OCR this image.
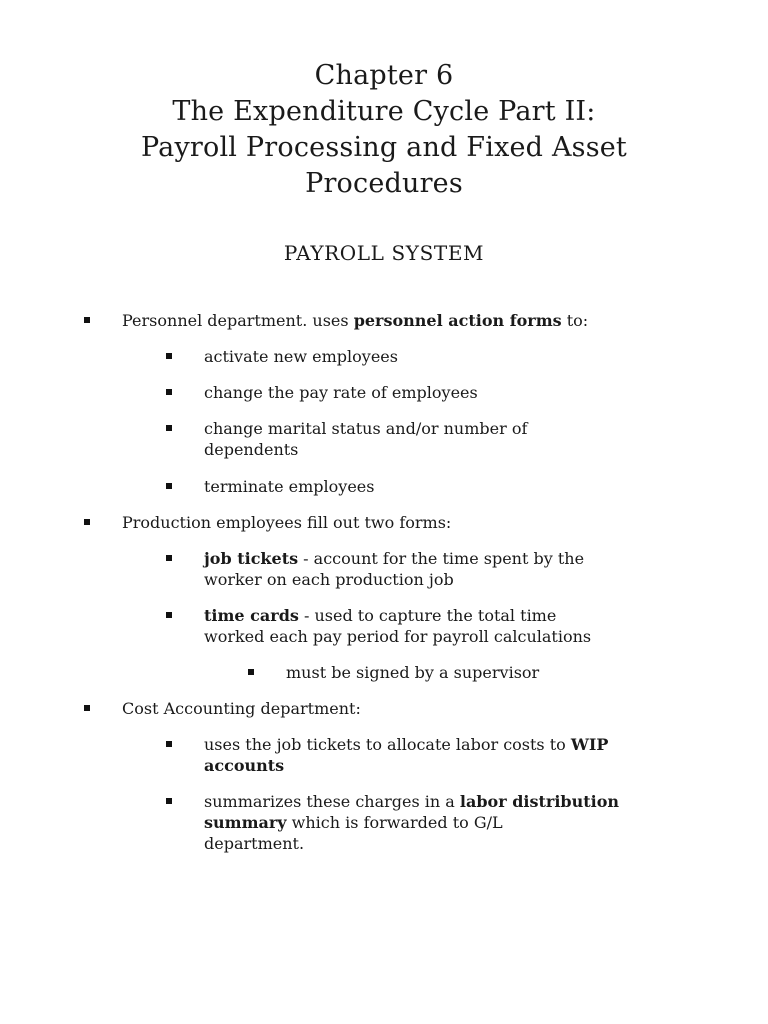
Chapter 6
The Expenditure Cycle Part II:
Payroll Processing and Fixed Asset
Procedures
PAYROLL SYSTEM
Personnel department. uses personnel action forms to:
activate new employees
change the pay rate of employees
change marital status and/or number of
dependents
terminate employees
Production employees fill out two forms:
job tickets - account for the time spent by the
worker on each production job
time cards - used to capture the total time
worked each pay period for payroll calculations
must be signed by a supervisor
Cost Accounting department:
uses the job tickets to allocate labor costs to WIP
accounts
summarizes these charges in a labor distribution
summary which is forwarded to G/L
department.
